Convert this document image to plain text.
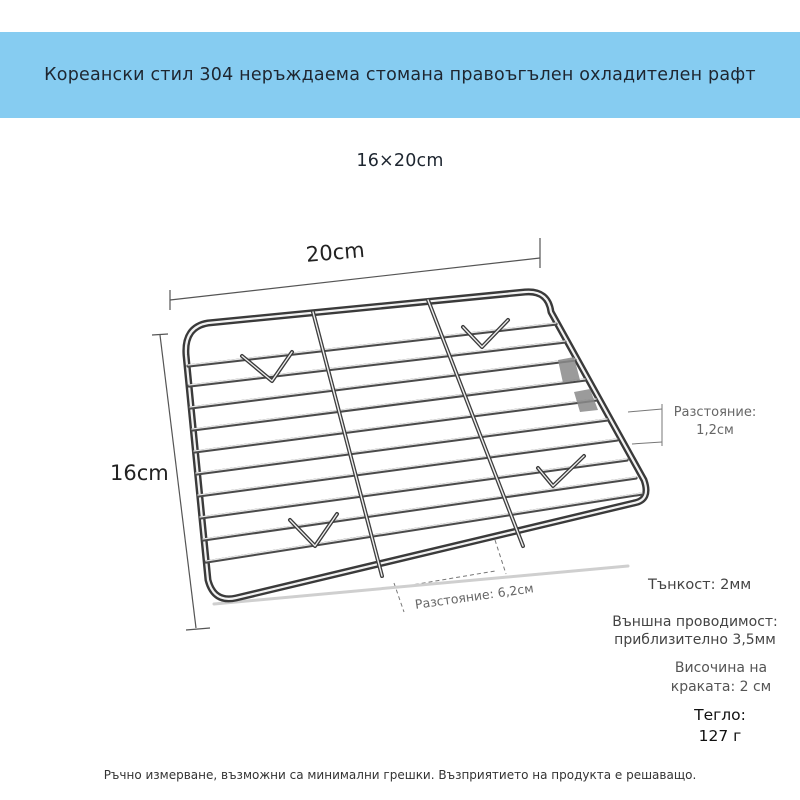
Кореански стил 304 неръждаема стомана правоъгълен охладителен рафт 16×20cm
20cm
16cm
Разстояние:
1,2см
Разстояние: 6,2см	Тънкост: 2мм
Външна проводимост:
приблизително 3,5мм
Височина на
краката: 2 см
Тегло:
127 г
Ръчно измерване, възможни са минимални грешки. Възприятието на продукта е решаващо.
